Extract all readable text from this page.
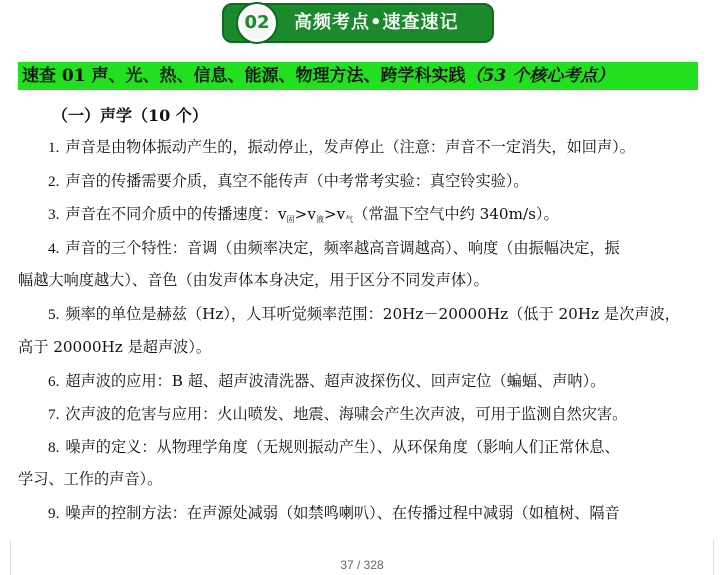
02	高频考点•速查速记
速查 01 声、光、热、信息、能源、物理方法、跨学科实践（53 个核心考点）
（一）声学（10 个）
1. 声音是由物体振动产生的，振动停止，发声停止（注意：声音不一定消失，如回声）。
2. 声音的传播需要介质，真空不能传声（中考常考实验：真空铃实验）。
3. 声音在不同介质中的传播速度：$v_固>v_液>v_气$（常温下空气中约 340m/s）。
4. 声音的三个特性：音调（由频率决定，频率越高音调越高）、响度（由振幅决定，振
幅越大响度越大）、音色（由发声体本身决定，用于区分不同发声体）。
5. 频率的单位是赫兹（Hz），人耳听觉频率范围：20Hz－20000Hz（低于 20Hz 是次声波，
高于 20000Hz 是超声波）。
6. 超声波的应用：B 超、超声波清洗器、超声波探伤仪、回声定位（蝙蝠、声呐）。
7. 次声波的危害与应用：火山喷发、地震、海啸会产生次声波，可用于监测自然灾害。
8. 噪声的定义：从物理学角度（无规则振动产生）、从环保角度（影响人们正常休息、
学习、工作的声音）。
9. 噪声的控制方法：在声源处减弱（如禁鸣喇叭）、在传播过程中减弱（如植树、隔音
37 / 328
